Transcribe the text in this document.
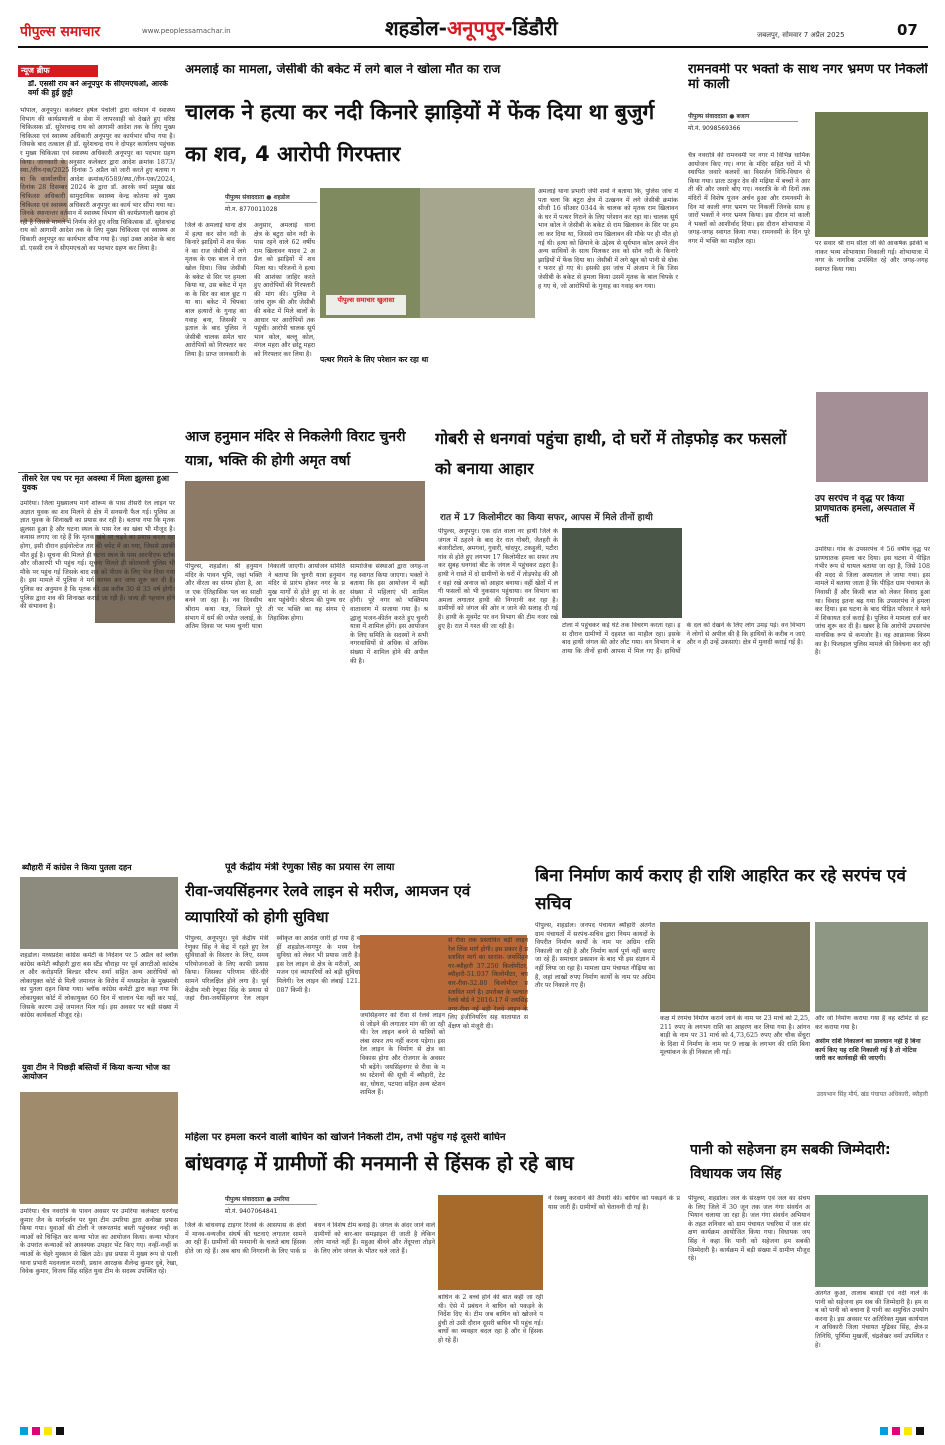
पीपुल्स समाचार	www.peoplessamachar.in	शहडोल-अनूपपुर-डिंडौरी	जबलपुर, सोमवार 7 अप्रैल 2025	07
न्यूज ब्रीफ
डॉ. एससी राय बने अनूपपुर के सीएमएचओ, आरके वर्मा की हुई छुट्टी
भोपाल, अनूपपुर। कलेक्टर हर्षल पंचोली द्वारा वर्तमान में स्वास्थ्य विभाग की कार्यप्रणाली व सेवा में लापरवाही को देखते हुए वरिष्ठ चिकित्सक डॉ. सुरेशचन्द्र राय को आगामी आदेश तक के लिए मुख्य चिकित्सा एवं स्वास्थ्य अधिकारी अनूपपुर का कार्यभार सौंपा गया है। जिसके बाद तत्काल ही डॉ. सुरेशचन्द्र राय ने दोपहर कार्यालय पहुंचकर मुख्य चिकित्सा एवं स्वास्थ्य अधिकारी अनूपपुर का पदभार ग्रहण किया। जानकारी के अनुसार कलेक्टर द्वारा आदेश क्रमांक 1873/स्था./तीन-एक/2025 दिनांक 5 अप्रैल को जारी करते हुए बताया गया कि कार्यालयीन आदेश क्रमांक/6589/स्था./तीन-एक/2024, दिनांक 28 दिसम्बर 2024 के द्वारा डॉ. आरके वर्मा प्रमुख खंड चिकित्सा अधिकारी सामुदायिक स्वास्थ्य केन्द्र कोतमा को मुख्य चिकित्सा एवं स्वास्थ्य अधिकारी अनूपपुर का कार्य भार सौंपा गया था। जिनके स्थानान्तर वर्तमान में स्वास्थ्य विभाग की कार्यप्रणाली खराब हो रही है जिससे मामले में निर्णय लेते हुए वरिष्ठ चिकित्सक डॉ. सुरेशचन्द्र राय को आगामी आदेश तक के लिए मुख्य चिकित्सा एवं स्वास्थ्य अधिकारी अनूपपुर का कार्यभार सौंपा गया है। जहां उक्त आदेश के बाद डॉ. एससी राय ने सीएमएचओ का पदभार ग्रहण कर लिया है।
तीसरे रेल पथ पर मृत अवस्था में मिला झुलसा हुआ युवक
उमरिया। जिला मुख्यालय मार्ग शोरूम के पास तीसरी रेल लाइन पर अज्ञात युवक का शव मिलने से क्षेत्र में सनसनी फैल गई। पुलिस अज्ञात युवक के शिनाख्ती का प्रयास कर रही है। बताया गया कि मृतक झुलसा हुआ है और घटना स्थल के पास रेल का खंबा भी मौजूद है। कयास लगाए जा रहे हैं कि मृतक खंबे पर चढ़ने का प्रयास करता रहा होगा, इसी दौरान हाईवोल्टेज तार की चपेट में आ गया, जिससे उसकी मौत हुई है। सूचना की मिलते ही घटना स्थल के पास आरपीएफ स्टॉफ और जीआरपी भी पहुंच गई। सूचना मिलते ही कोतवाली पुलिस भी मौके पर पहुंच गई जिसके बाद शव को पीएम के लिए भेज दिया गया है। इस मामले में पुलिस ने मर्ग कायम कर जांच शुरू कर दी है। पुलिस का अनुमान है कि मृतक की उम्र करीब 30 से 35 वर्ष होगी। पुलिस द्वारा शव की शिनाख्त कराई जा रही है। जल्द ही पहचान होने की संभावना है।
ब्यौहारी में कांग्रेस ने किया पुतला दहन
शहडोल। मध्यप्रदेश कांग्रेस कमेटी के निर्देशन पर 5 अप्रैल को ब्लॉक कांग्रेस कमेटी ब्यौहारी द्वारा बस स्टैंड चौराहा पर पूर्व आरटीओ कांस्टेबल और करोड़पति बिल्डर सौरभ शर्मा सहित अन्य आरोपियों को लोकायुक्त कोर्ट से मिली जमानत के विरोध में मध्यप्रदेश के मुख्यमंत्री का पुतला दहन किया गया। ब्लॉक कांग्रेस कमेटी द्वारा कहा गया कि लोकायुक्त कोर्ट में लोकायुक्त 60 दिन में चालान पेश नहीं कर पाई, जिसके कारण उन्हें जमानत मिल गई। इस अवसर पर बड़ी संख्या में कांग्रेस कार्यकर्ता मौजूद रहे।
युवा टीम ने पिछड़ी बस्तियों में किया कन्या भोज का आयोजन
उमरिया। चैत्र नवरात्रि के पावन अवसर पर उमरिया कलेक्टर धरणेन्द्र कुमार जैन के मार्गदर्शन पर युवा टीम उमरिया द्वारा अनोखा प्रयास किया गया। युवाओं की टोली ने जरूरतमंद बस्ती पहुंचकर नन्ही कन्याओं को चिन्हित कर कन्या भोज का आयोजन किया। कन्या भोजन के उपरांत कन्याओं को आवश्यक उपहार भेंट किए गए। नन्हीं-नन्हीं कन्याओं के चेहरे मुस्कान से खिल उठे। इस प्रयास में मुख्य रूप से पाली थाना प्रभारी मदनलाल मरावी, प्रधान आरक्षक शैलेन्द्र कुमार दुबे, रेखा, विवेक कुमार, विजय सिंह सहित युवा टीम के सदस्य उपस्थित रहे।
अमलाई का मामला, जेसीबी की बकेट में लगे बाल ने खोला मौत का राज
चालक ने हत्या कर नदी किनारे झाड़ियों में फेंक दिया था बुजुर्ग का शव, 4 आरोपी गिरफ्तार
पीपुल्स संवाददाता ● शहडोल
मो.न. 8770011028
पीपुल्स समाचार खुलासा
जिले के अमलाई थाना क्षेत्र में हत्या कर सोन नदी के किनारे झाड़ियों में शव फेंकने का राज जेसीबी में लगे मृतक के एक बाल ने राज खोल दिया। जिस जेसीबी के बकेट से सिर पर हमला किया था, उस बकेट में मृतक के सिर का बाल छूट गया था। बकेट में चिपका बाल हत्यारों के गुनाह का गवाह बना, जिसकी पड़ताल के बाद पुलिस ने जेसीबी चालक समेत चार आरोपियों को गिरफ्तार कर लिया है। प्राप्त जानकारी के अनुसार, अमलाई थाना क्षेत्र के बटुरा सोन नदी के पास रहने वाले 62 वर्षीय राम खिलावन यादव 2 अप्रैल को झाड़ियों में शव मिला था। परिजनों ने हत्या की आशंका जाहिर करते हुए आरोपियों की गिरफ्तारी की मांग की। पुलिस ने जांच शुरू की और जेसीबी की बकेट में मिले बालों के आधार पर आरोपियों तक पहुंची। आरोपी चालक सूर्यभान कोल, बल्लू कोल, मंगल महरा और छोटू महरा को गिरफ्तार कर लिया है।
पत्थर गिराने के लिए परेशान कर रहा था
अमलाई थाना प्रभारी जेपी शर्मा ने बताया कि, पुलिस जांच में पता चला कि बटुरा क्षेत्र में उत्खनन में लगे जेसीबी क्रमांक सीजी 16 सीआर 0344 के चालक को मृतक राम खिलावन के घर में पत्थर गिराने के लिए परेशान कर रहा था। चालक सूर्यभान कोल ने जेसीबी के बकेट से राम खिलावन के सिर पर हमला कर दिया था, जिससे राम खिलावन की मौके पर ही मौत हो गई थी। हत्या को छिपाने के उद्देश्य से सूर्यभान कोल अपने तीन अन्य साथियों के साथ मिलकर शव को सोन नदी के किनारे झाड़ियों में फेंक दिया था। जेसीबी में लगे खून को पानी से धोकर फरार हो गए थे। इसकी इस जांच में अंजाम ने कि जिस जेसीबी के बकेट से हमला किया उसमें मृतक के बाल चिपके रह गए थे, जो आरोपियों के गुनाह का गवाह बन गया।
रामनवमी पर भक्तों के साथ नगर भ्रमण पर निकलीं मां काली
पीपुल्स संवाददाता ● बजाग
मो.नं. 9098569366
चैत्र नवरात्रि की रामनवमी पर नगर में विभिन्न धार्मिक आयोजन किए गए। नगर के मंदिर सहित घरों में भी स्थापित जवारे कलशों का विसर्जन विधि-विधान से किया गया। प्रातः ठाकुर देव की मढ़िया में बच्चों ने आरती की और जवारे बोए गए। नवरात्रि के नौ दिनों तक मंदिरों में विशेष पूजन अर्चन हुआ और रामनवमी के दिन मां काली नगर भ्रमण पर निकलीं जिनके साथ हजारों भक्तों ने नगर भ्रमण किया। इस दौरान मां काली ने भक्तों को आशीर्वाद दिया। इस दौरान शोभायात्रा में जगह-जगह स्वागत किया गया। रामनवमी के दिन पूरे नगर में भक्ति का माहौल रहा।	पर सवार श्री राम सीता जी की आकर्षक झांकी बनाकर भव्य शोभायात्रा निकाली गई। शोभायात्रा में नगर के नागरिक उपस्थित रहे और जगह-जगह स्वागत किया गया।
आज हनुमान मंदिर से निकलेगी विराट चुनरी यात्रा, भक्ति की होगी अमृत वर्षा
पीपुल्स, शहडोल। श्री हनुमान मंदिर के पावन भूमि, जहां भक्ति और वीरता का संगम होता है, आज एक ऐतिहासिक पल का साक्षी बनने जा रहा है। नव दिवसीय श्रीराम कथा यज्ञ, जिसने पूरे संभाग में धर्म की ज्योत जलाई, के अंतिम दिवस पर भव्य चुनरी यात्रा निकाली जाएगी। आयोजन समिति ने बताया कि चुनरी यात्रा हनुमान मंदिर से प्रारंभ होकर नगर के प्रमुख मार्गों से होते हुए मां के दरबार पहुंचेगी। श्रीराम की पुण्य धरती पर भक्ति का यह संगम ऐतिहासिक होगा।
सामाजिक संस्थाओं द्वारा जगह-जगह स्वागत किया जाएगा। भक्तों ने बताया कि इस आयोजन में बड़ी संख्या में महिलाएं भी शामिल होंगी। पूरे नगर को भक्तिमय वातावरण में सजाया गया है। श्रद्धालु भजन-कीर्तन करते हुए चुनरी यात्रा में शामिल होंगे। इस आयोजन के लिए समिति के सदस्यों ने सभी नगरवासियों से अधिक से अधिक संख्या में शामिल होने की अपील की है।
गोबरी से धनगवां पहुंचा हाथी, दो घरों में तोड़फोड़ कर फसलों को बनाया आहार
रात में 17 किलोमीटर का किया सफर, आपस में मिले तीनों हाथी
पीपुल्स, अनूपपुर। एक दांत वाला नर हाथी जिले के जंगल में ठहरने के बाद देर रात गोबरी, जैतहरी के बंजारीटोला, अमगवां, गुवारी, चांदपुर, टकहुली, पटौरा गांव से होते हुए लगभग 17 किलोमीटर का सफर तय कर सुबह धनगवां बीट के जंगल में पहुंचकर ठहरा है। हाथी ने रास्ते में दो ग्रामीणों के घरों में तोड़फोड़ की और वहां रखे अनाज को आहार बनाया। वहीं खेतों में लगी फसलों को भी नुकसान पहुंचाया। वन विभाग का अमला लगातार हाथी की निगरानी कर रहा है। ग्रामीणों को जंगल की ओर न जाने की सलाह दी गई है। हाथी के मूवमेंट पर वन विभाग की टीम नजर रखे हुए है। रात में गश्त की जा रही है।	टोला में पहुंचकर कई घंटे तक विचरण करता रहा। इस दौरान ग्रामीणों में दहशत का माहौल रहा। इसके बाद हाथी जंगल की ओर लौट गया। वन विभाग ने बताया कि तीनों हाथी आपस में मिल गए हैं। हाथियों के दल को देखने के लिए लोग उमड़ पड़े। वन विभाग ने लोगों से अपील की है कि हाथियों के करीब न जाएं और न ही उन्हें उकसाएं। क्षेत्र में मुनादी कराई गई है।
उप सरपंच ने वृद्ध पर किया प्राणघातक हमला, अस्पताल में भर्ती
उमरिया। गांव के उपसरपंच ने 56 वर्षीय वृद्ध पर प्राणघातक हमला कर दिया। इस घटना में पीड़ित गंभीर रूप से घायल बताया जा रहा है, जिसे 108 की मदद से जिला अस्पताल ले जाया गया। इस मामले में बताया जाता है कि पीड़ित ग्राम पंचायत के निवासी हैं और किसी बात को लेकर विवाद हुआ था। विवाद इतना बढ़ गया कि उपसरपंच ने हमला कर दिया। इस घटना के बाद पीड़ित परिवार ने थाने में शिकायत दर्ज कराई है। पुलिस ने मामला दर्ज कर जांच शुरू कर दी है। खबर है कि आरोपी उपसरपंच मानसिक रूप से कमजोर है। वह आक्रामक किस्म का है। फिलहाल पुलिस मामले की विवेचना कर रही है।
पूर्व केंद्रीय मंत्री रेणुका सिंह का प्रयास रंग लाया
रीवा-जयसिंहनगर रेलवे लाइन से मरीज, आमजन एवं व्यापारियों को होगी सुविधा
पीपुल्स, अनूपपुर। पूर्व केंद्रीय मंत्री रेणुका सिंह ने केंद्र में रहते हुए रेल सुविधाओं के विस्तार के लिए, समय परियोजनाओं के लिए काफी प्रयास किया। जिसका परिणाम धीरे-धीरे सामने परिलक्षित होने लगा है। पूर्व केंद्रीय मंत्री रेणुका सिंह के प्रयास से जहां रीवा-जयसिंहनगर रेल लाइन स्वीकृत का आदेश जारी हो गया है वहीं शहडोल-नागपुर के मध्य रेल सुविधा को लेकर भी प्रयास जारी है। इस रेल लाइन से क्षेत्र के मरीजों, आमजन एवं व्यापारियों को बड़ी सुविधा मिलेगी। रेल लाइन की लंबाई 121.087 किमी है।
जयसिंहनगर को रीवा से रेलवे लाइन से जोड़ने की लगातार मांग की जा रही थी। रेल लाइन बनने से यात्रियों को लंबा सफर तय नहीं करना पड़ेगा। इस रेल लाइन के निर्माण से क्षेत्र का विकास होगा और रोजगार के अवसर भी बढ़ेंगे। जयसिंहनगर से रीवा के मध्य स्टेशनों की सूची में ब्यौहारी, टेटका, घोघरा, पटपरा सहित अन्य स्टेशन शामिल हैं।
से रीवा तक प्रस्तावित बड़ी लाइन रेल लिंक मार्ग होगी। इस प्रकार है प्रस्तावित मार्ग का सारांश- जयसिंहनगर-ब्यौहारी 37.250 किलोमीटर, ब्यौहारी-51.037 किलोमीटर, बघवार-रीवा-32.80 किलोमीटर प्रस्तावित मार्ग है। उपरोक्त के पश्चात रेलवे बोर्ड ने 2016-17 में जयसिंहनगर-रीवा नई बड़ी रेलवे लाइन के लिए इंजीनियरिंग सह यातायात सर्वेक्षण को मंजूरी दी।
बिना निर्माण कार्य कराए ही राशि आहरित कर रहे सरपंच एवं सचिव
पीपुल्स, शहडोल। जनपद पंचायत ब्यौहारी अंतर्गत ग्राम पंचायतों में सरपंच-सचिव द्वारा नियम कायदों के विपरीत निर्माण कार्यों के नाम पर अग्रिम राशि निकाली जा रही है और निर्माण कार्य पूर्ण नहीं कराए जा रहे हैं। समाचार प्रकाशन के बाद भी इस संज्ञान में नहीं लिया जा रहा है। मामला ग्राम पंचायत नौढ़िया का है, जहां लाखों रुपए निर्माण कार्यों के नाम पर अग्रिम तौर पर निकाले गए हैं।
कक्ष में रंगमंच निर्माण कराने जाने के नाम पर 23 मार्च को 2,25,211 रुपए के लगभग राशि का आहरण कर लिया गया है। आंगनबाड़ी के नाम पर 31 मार्च को 4,73,625 रुपए और चौक सेंचुरा के दिशा में निर्माण के नाम पर 9 लाख के लगभग की राशि बिना मूल्यांकन के ही निकाल ली गई।
और जो निर्माण कराया गया है वह स्टीमेट से हट कर कराया गया है।
असीम राशि निकालने का प्रावधान नहीं है बिना कार्य किए यह राशि निकाली गई है तो नोटिस जारी कर कार्यवाही की जाएगी।
उदयभान सिंह मौर्य, खंड पंचायत अधिकारी, ब्यौहारी
महिला पर हमला करने वाली बाघिन को खोजने निकली टीम, तभी पहुंच गई दूसरी बाघिन
बांधवगढ़ में ग्रामीणों की मनमानी से हिंसक हो रहे बाघ
पीपुल्स संवाददाता ● उमरिया
मो.नं. 9407064841
जिले के बांधवगढ़ टाइगर रिजर्व के आसपास के क्षेत्रों में मानव-वन्यजीव संघर्ष की घटनाएं लगातार सामने आ रही हैं। ग्रामीणों की मनमानी के चलते बाघ हिंसक होते जा रहे हैं। अब बाघ की निगरानी के लिए पार्क प्रबंधन ने विशेष टीम बनाई है। जंगल के अंदर जाने वाले ग्रामीणों को बार-बार समझाइश दी जाती है लेकिन लोग मानते नहीं हैं। महुआ बीनने और तेंदूपत्ता तोड़ने के लिए लोग जंगल के भीतर चले जाते हैं।
बाघिन के 2 बच्चे होने की बात कही जा रही थी। ऐसे में प्रबंधन ने बाघिन को पकड़ने के निर्देश दिए थे। टीम जब बाघिन को खोजने पहुंची तो उसी दौरान दूसरी बाघिन भी पहुंच गई। बाघों का व्यवहार बदल रहा है और वे हिंसक हो रहे हैं।
ने रेस्क्यू करवाने की तैयारी की। बाघिन को पकड़ने के प्रयास जारी हैं। ग्रामीणों को चेतावनी दी गई है।
पानी को सहेजना हम सबकी जिम्मेदारी: विधायक जय सिंह
पीपुल्स, शहडोल। जल के संरक्षण एवं जल का संचय के लिए जिले में 30 जून तक जल गंगा संवर्धन अभियान चलाया जा रहा है। जल गंगा संवर्धन अभियान के तहत शनिवार को ग्राम पंचायत पचरिया में जल संरक्षण कार्यक्रम आयोजित किया गया। विधायक जय सिंह ने कहा कि पानी को सहेजना हम सबकी जिम्मेदारी है। कार्यक्रम में बड़ी संख्या में ग्रामीण मौजूद रहे।
अंतर्गत कुआं, तालाब बावड़ी एवं नदी नाले के पानी को सहेजना हम सब की जिम्मेदारी है। हम सब को पानी को बचाना है पानी का समुचित उपयोग करना है। इस अवसर पर अतिरिक्त मुख्य कार्यपालन अधिकारी जिला पंचायत मुद्रिका सिंह, क्षेत्र-प्रतिनिधि, पूर्णिमा मुखर्जी, चंद्रशेखर वर्मा उपस्थित रहे।
